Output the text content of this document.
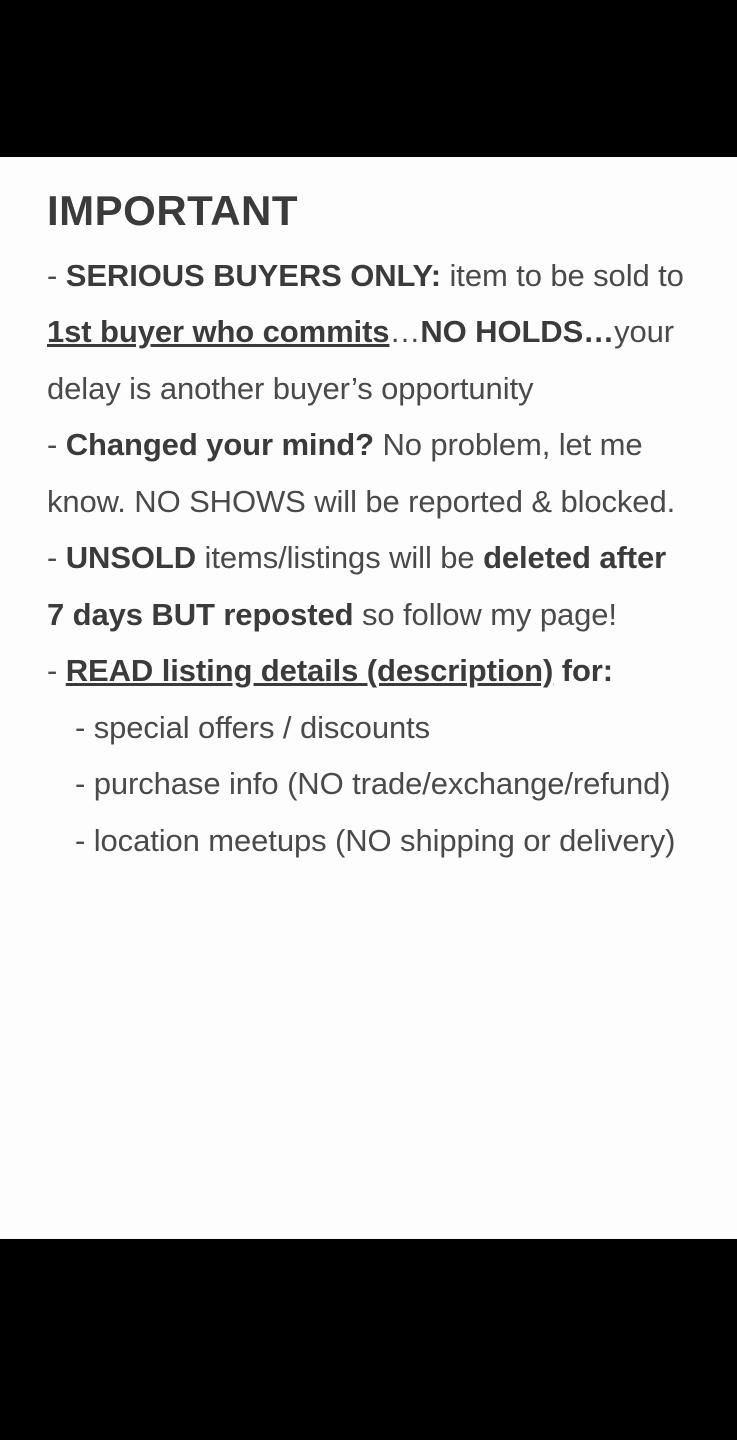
IMPORTANT

- SERIOUS BUYERS ONLY: item to be sold to 1st buyer who commits…NO HOLDS…your delay is another buyer’s opportunity

- Changed your mind? No problem, let me know. NO SHOWS will be reported & blocked.

- UNSOLD items/listings will be deleted after 7 days BUT reposted so follow my page!

- READ listing details (description) for:

- special offers / discounts

- purchase info (NO trade/exchange/refund)

- location meetups (NO shipping or delivery)
